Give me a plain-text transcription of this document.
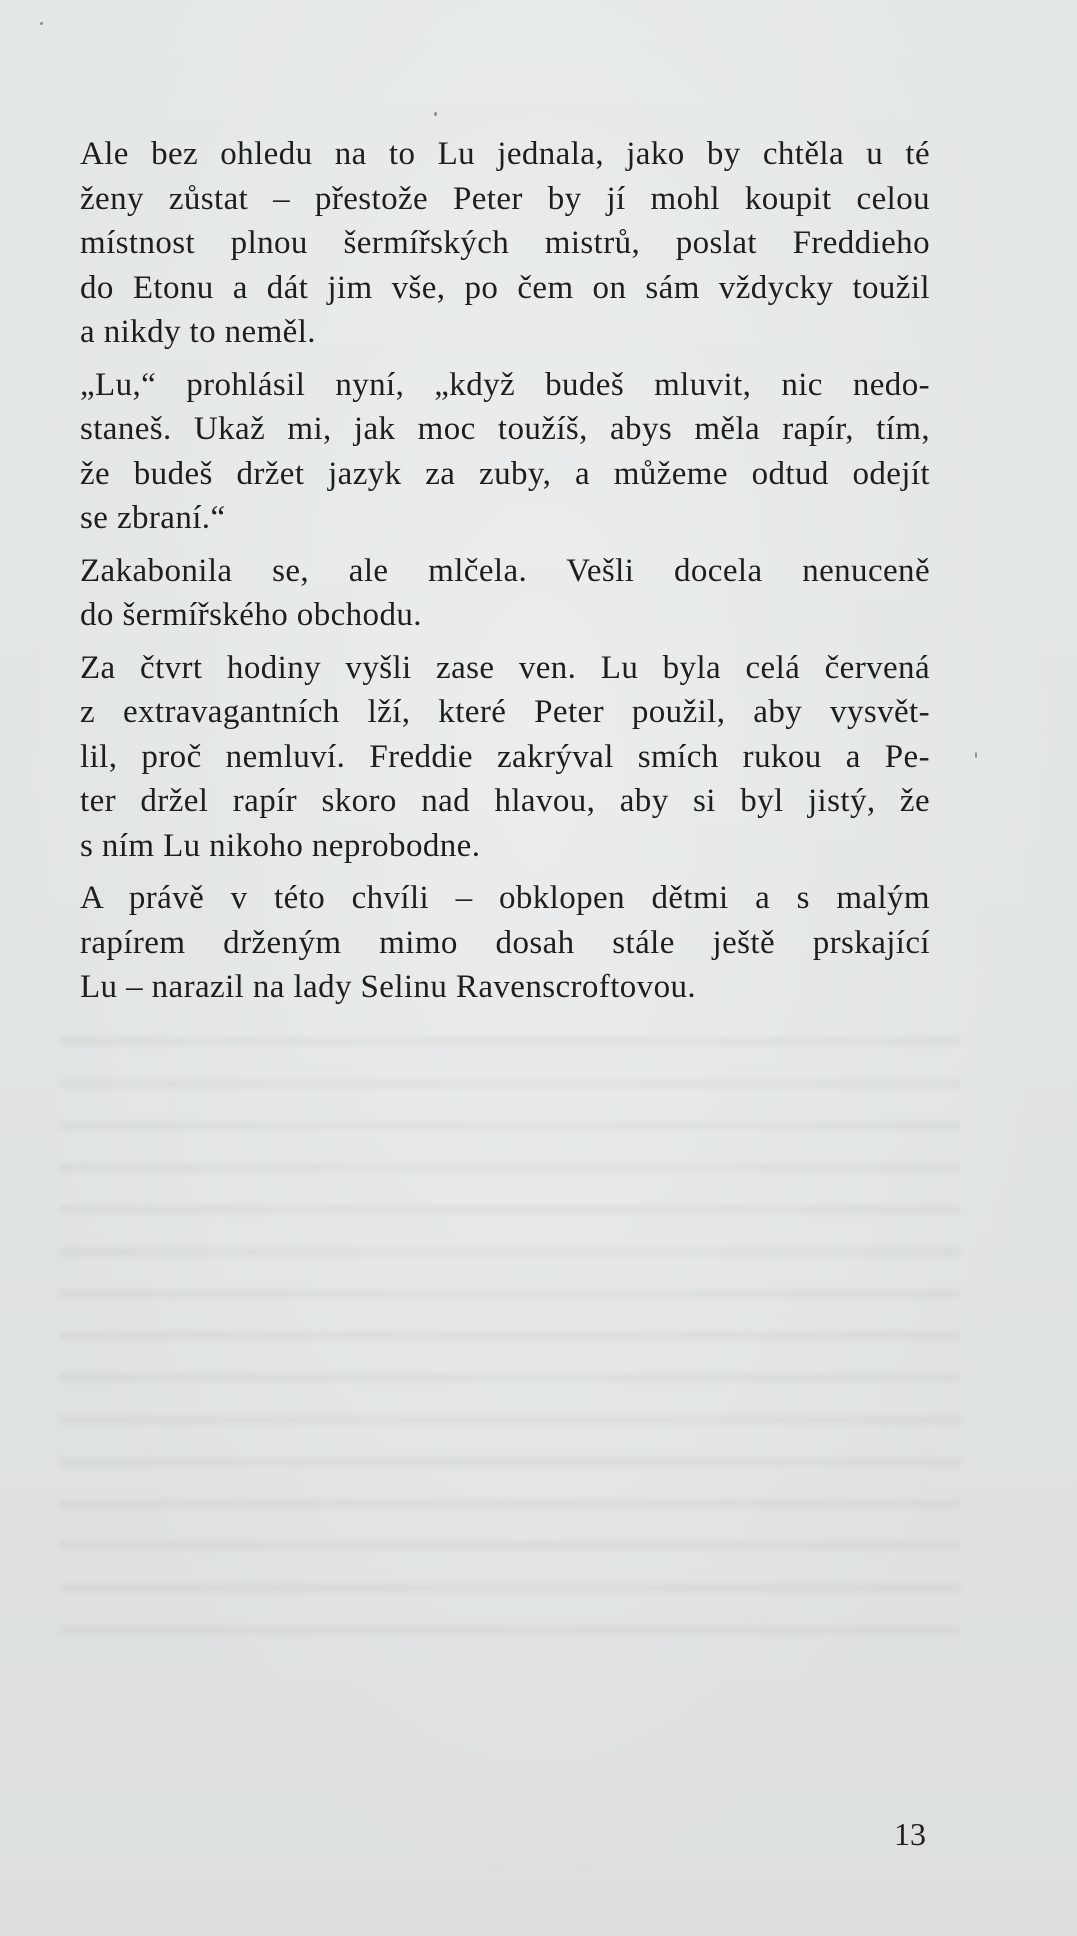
Ale bez ohledu na to Lu jednala, jako by chtěla u té
ženy zůstat – přestože Peter by jí mohl koupit celou
místnost plnou šermířských mistrů, poslat Freddieho
do Etonu a dát jim vše, po čem on sám vždycky toužil
a nikdy to neměl.

„Lu,“ prohlásil nyní, „když budeš mluvit, nic nedo-
staneš. Ukaž mi, jak moc toužíš, abys měla rapír, tím,
že budeš držet jazyk za zuby, a můžeme odtud odejít
se zbraní.“

Zakabonila se, ale mlčela. Vešli docela nenuceně
do šermířského obchodu.

Za čtvrt hodiny vyšli zase ven. Lu byla celá červená
z extravagantních lží, které Peter použil, aby vysvět-
lil, proč nemluví. Freddie zakrýval smích rukou a Pe-
ter držel rapír skoro nad hlavou, aby si byl jistý, že
s ním Lu nikoho neprobodne.

A právě v této chvíli – obklopen dětmi a s malým
rapírem drženým mimo dosah stále ještě prskající
Lu – narazil na lady Selinu Ravenscroftovou.

13
